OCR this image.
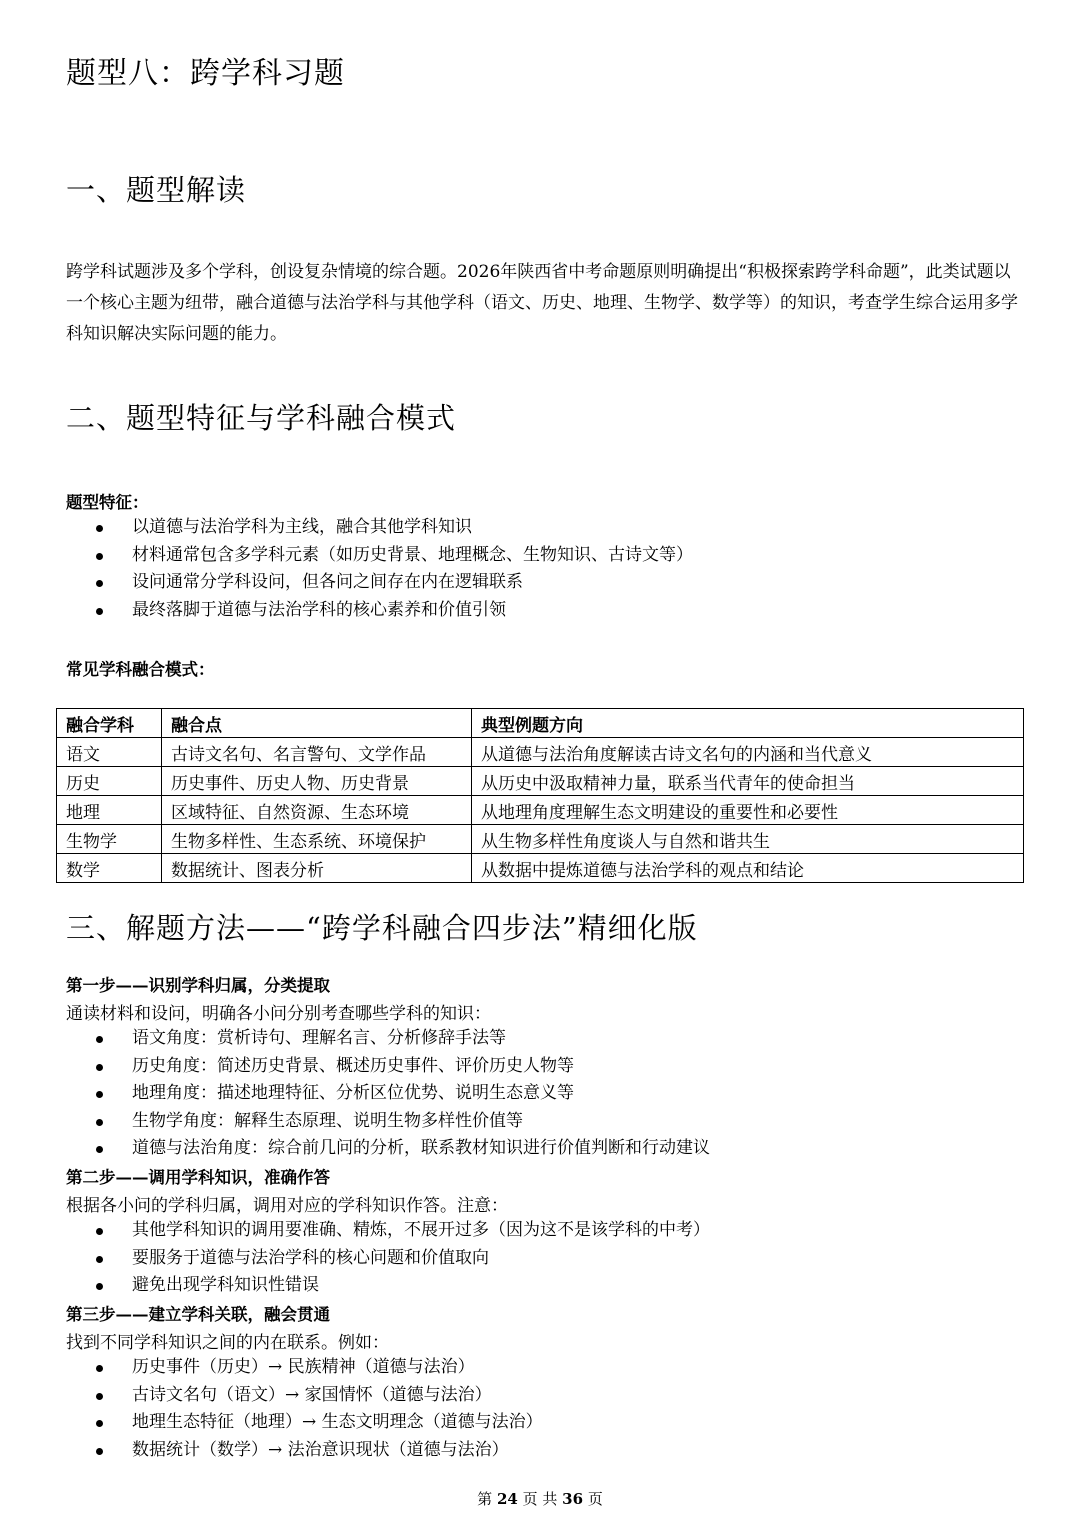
题型八：跨学科习题
一、题型解读
跨学科试题涉及多个学科，创设复杂情境的综合题。2026年陕西省中考命题原则明确提出“积极探索跨学科命题”，此类试题以一个核心主题为纽带，融合道德与法治学科与其他学科（语文、历史、地理、生物学、数学等）的知识，考查学生综合运用多学科知识解决实际问题的能力。
二、题型特征与学科融合模式
题型特征：
以道德与法治学科为主线，融合其他学科知识
材料通常包含多学科元素（如历史背景、地理概念、生物知识、古诗文等）
设问通常分学科设问，但各问之间存在内在逻辑联系
最终落脚于道德与法治学科的核心素养和价值引领
常见学科融合模式：
融合学科	融合点	典型例题方向
语文	古诗文名句、名言警句、文学作品	从道德与法治角度解读古诗文名句的内涵和当代意义
历史	历史事件、历史人物、历史背景	从历史中汲取精神力量，联系当代青年的使命担当
地理	区域特征、自然资源、生态环境	从地理角度理解生态文明建设的重要性和必要性
生物学	生物多样性、生态系统、环境保护	从生物多样性角度谈人与自然和谐共生
数学	数据统计、图表分析	从数据中提炼道德与法治学科的观点和结论
三、解题方法——“跨学科融合四步法”精细化版
第一步——识别学科归属，分类提取
通读材料和设问，明确各小问分别考查哪些学科的知识：
语文角度：赏析诗句、理解名言、分析修辞手法等
历史角度：简述历史背景、概述历史事件、评价历史人物等
地理角度：描述地理特征、分析区位优势、说明生态意义等
生物学角度：解释生态原理、说明生物多样性价值等
道德与法治角度：综合前几问的分析，联系教材知识进行价值判断和行动建议
第二步——调用学科知识，准确作答
根据各小问的学科归属，调用对应的学科知识作答。注意：
其他学科知识的调用要准确、精炼，不展开过多（因为这不是该学科的中考）
要服务于道德与法治学科的核心问题和价值取向
避免出现学科知识性错误
第三步——建立学科关联，融会贯通
找到不同学科知识之间的内在联系。例如：
历史事件（历史）→ 民族精神（道德与法治）
古诗文名句（语文）→ 家国情怀（道德与法治）
地理生态特征（地理）→ 生态文明理念（道德与法治）
数据统计（数学）→ 法治意识现状（道德与法治）
第 24 页 共 36 页
